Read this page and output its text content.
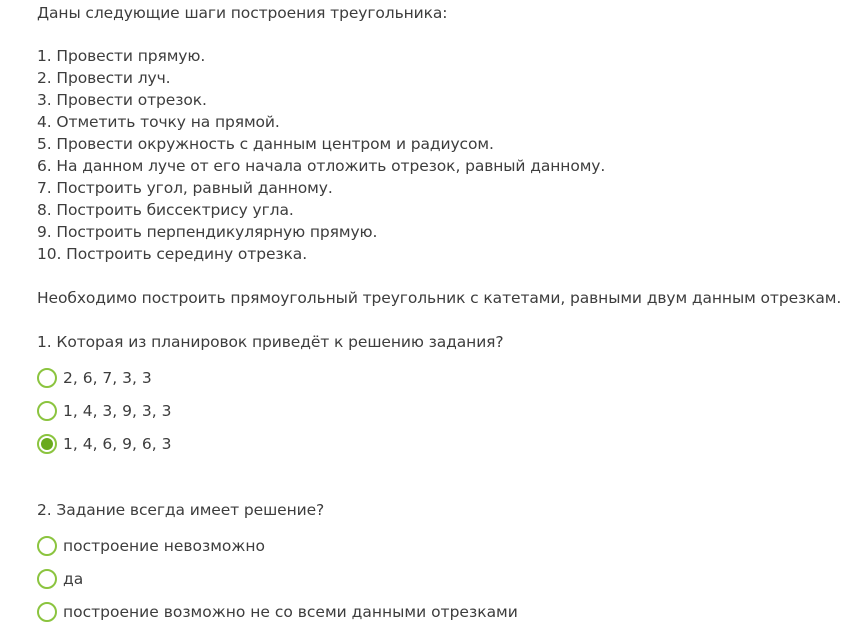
Даны следующие шаги построения треугольника:
1. Провести прямую.
2. Провести луч.
3. Провести отрезок.
4. Отметить точку на прямой.
5. Провести окружность с данным центром и радиусом.
6. На данном луче от его начала отложить отрезок, равный данному.
7. Построить угол, равный данному.
8. Построить биссектрису угла.
9. Построить перпендикулярную прямую.
10. Построить середину отрезка.
Необходимо построить прямоугольный треугольник с катетами, равными двум данным отрезкам.
1. Которая из планировок приведёт к решению задания?
2, 6, 7, 3, 3
1, 4, 3, 9, 3, 3
1, 4, 6, 9, 6, 3
2. Задание всегда имеет решение?
построение невозможно
да
построение возможно не со всеми данными отрезками
